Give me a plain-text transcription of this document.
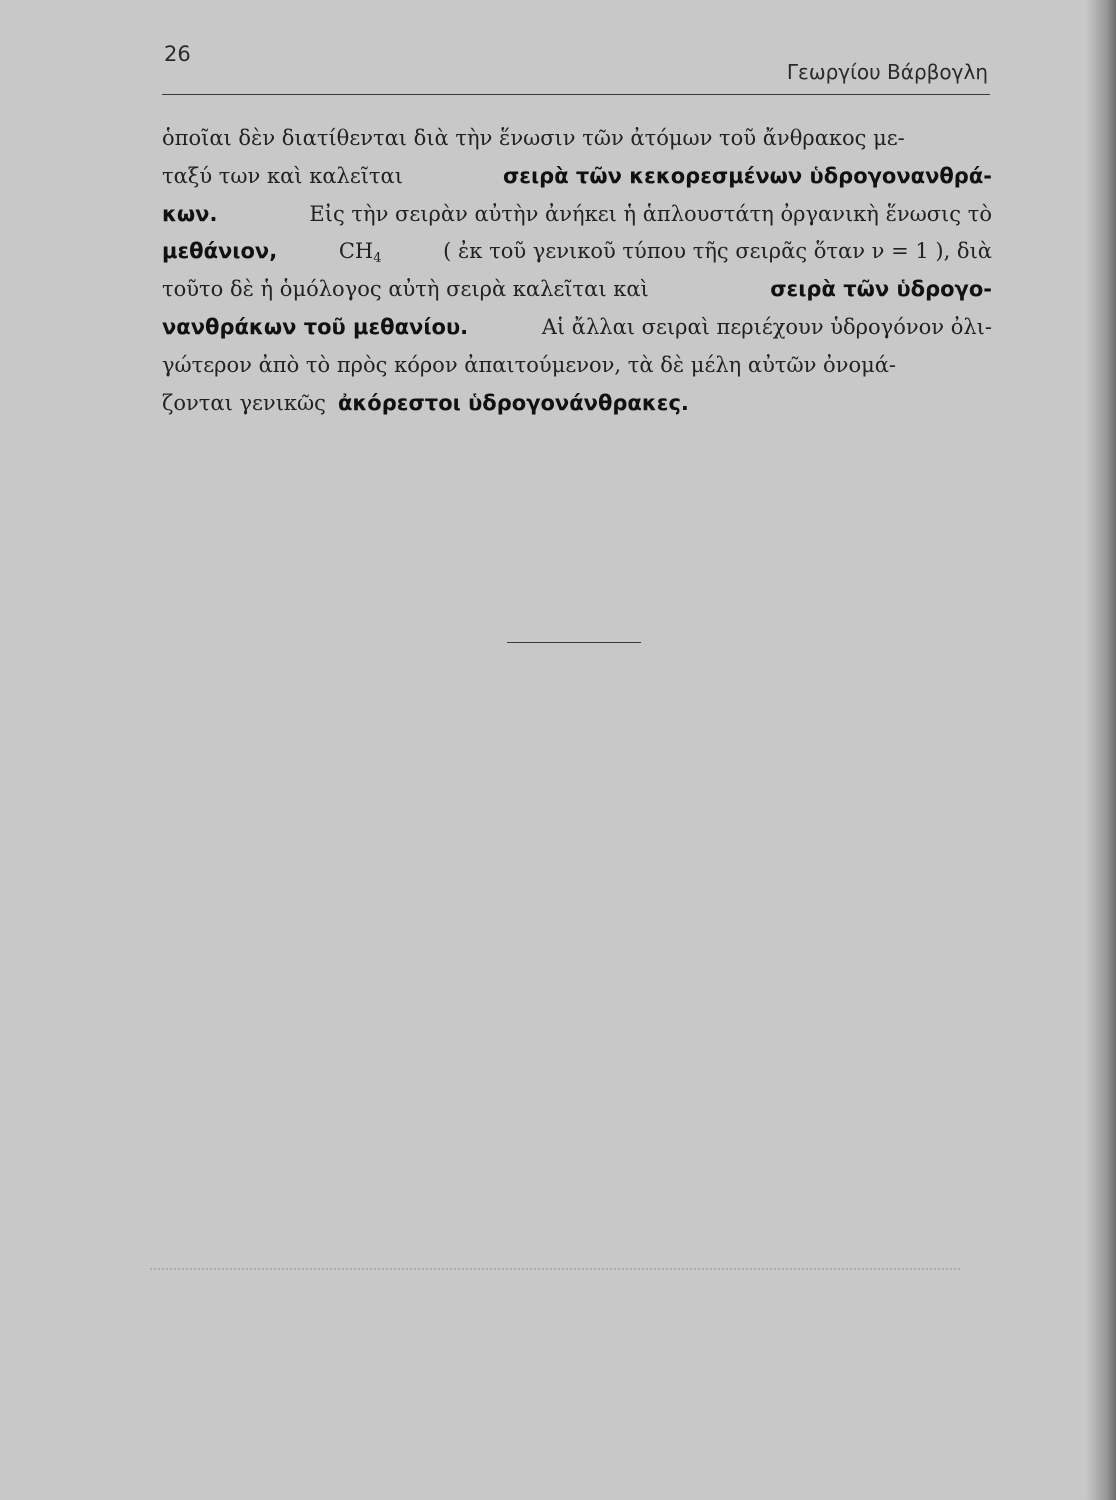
26
Γεωργίου Βάρβογλη
ὁποῖαι δὲν διατίθενται διὰ τὴν ἕνωσιν τῶν ἀτόμων τοῦ ἄνθρακος με-
ταξύ των καὶ καλεῖται	σειρὰ τῶν κεκορεσμένων ὑδρογονανθρά-
κων.	Εἰς τὴν σειρὰν αὐτὴν ἀνήκει ἡ ἁπλουστάτη ὀργανικὴ ἕνωσις τὸ
μεθάνιον,	$CH_4$	( ἐκ τοῦ γενικοῦ τύπου τῆς σειρᾶς ὅταν ν = 1 ), διὰ
τοῦτο δὲ ἡ ὁμόλογος αὐτὴ σειρὰ καλεῖται καὶ	σειρὰ τῶν ὑδρογο-
νανθράκων τοῦ μεθανίου.	Αἱ ἄλλαι σειραὶ περιέχουν ὑδρογόνον ὀλι-
γώτερον ἀπὸ τὸ πρὸς κόρον ἀπαιτούμενον, τὰ δὲ μέλη αὐτῶν ὀνομά-
ζονται γενικῶς ἀκόρεστοι ὑδρογονάνθρακες.
